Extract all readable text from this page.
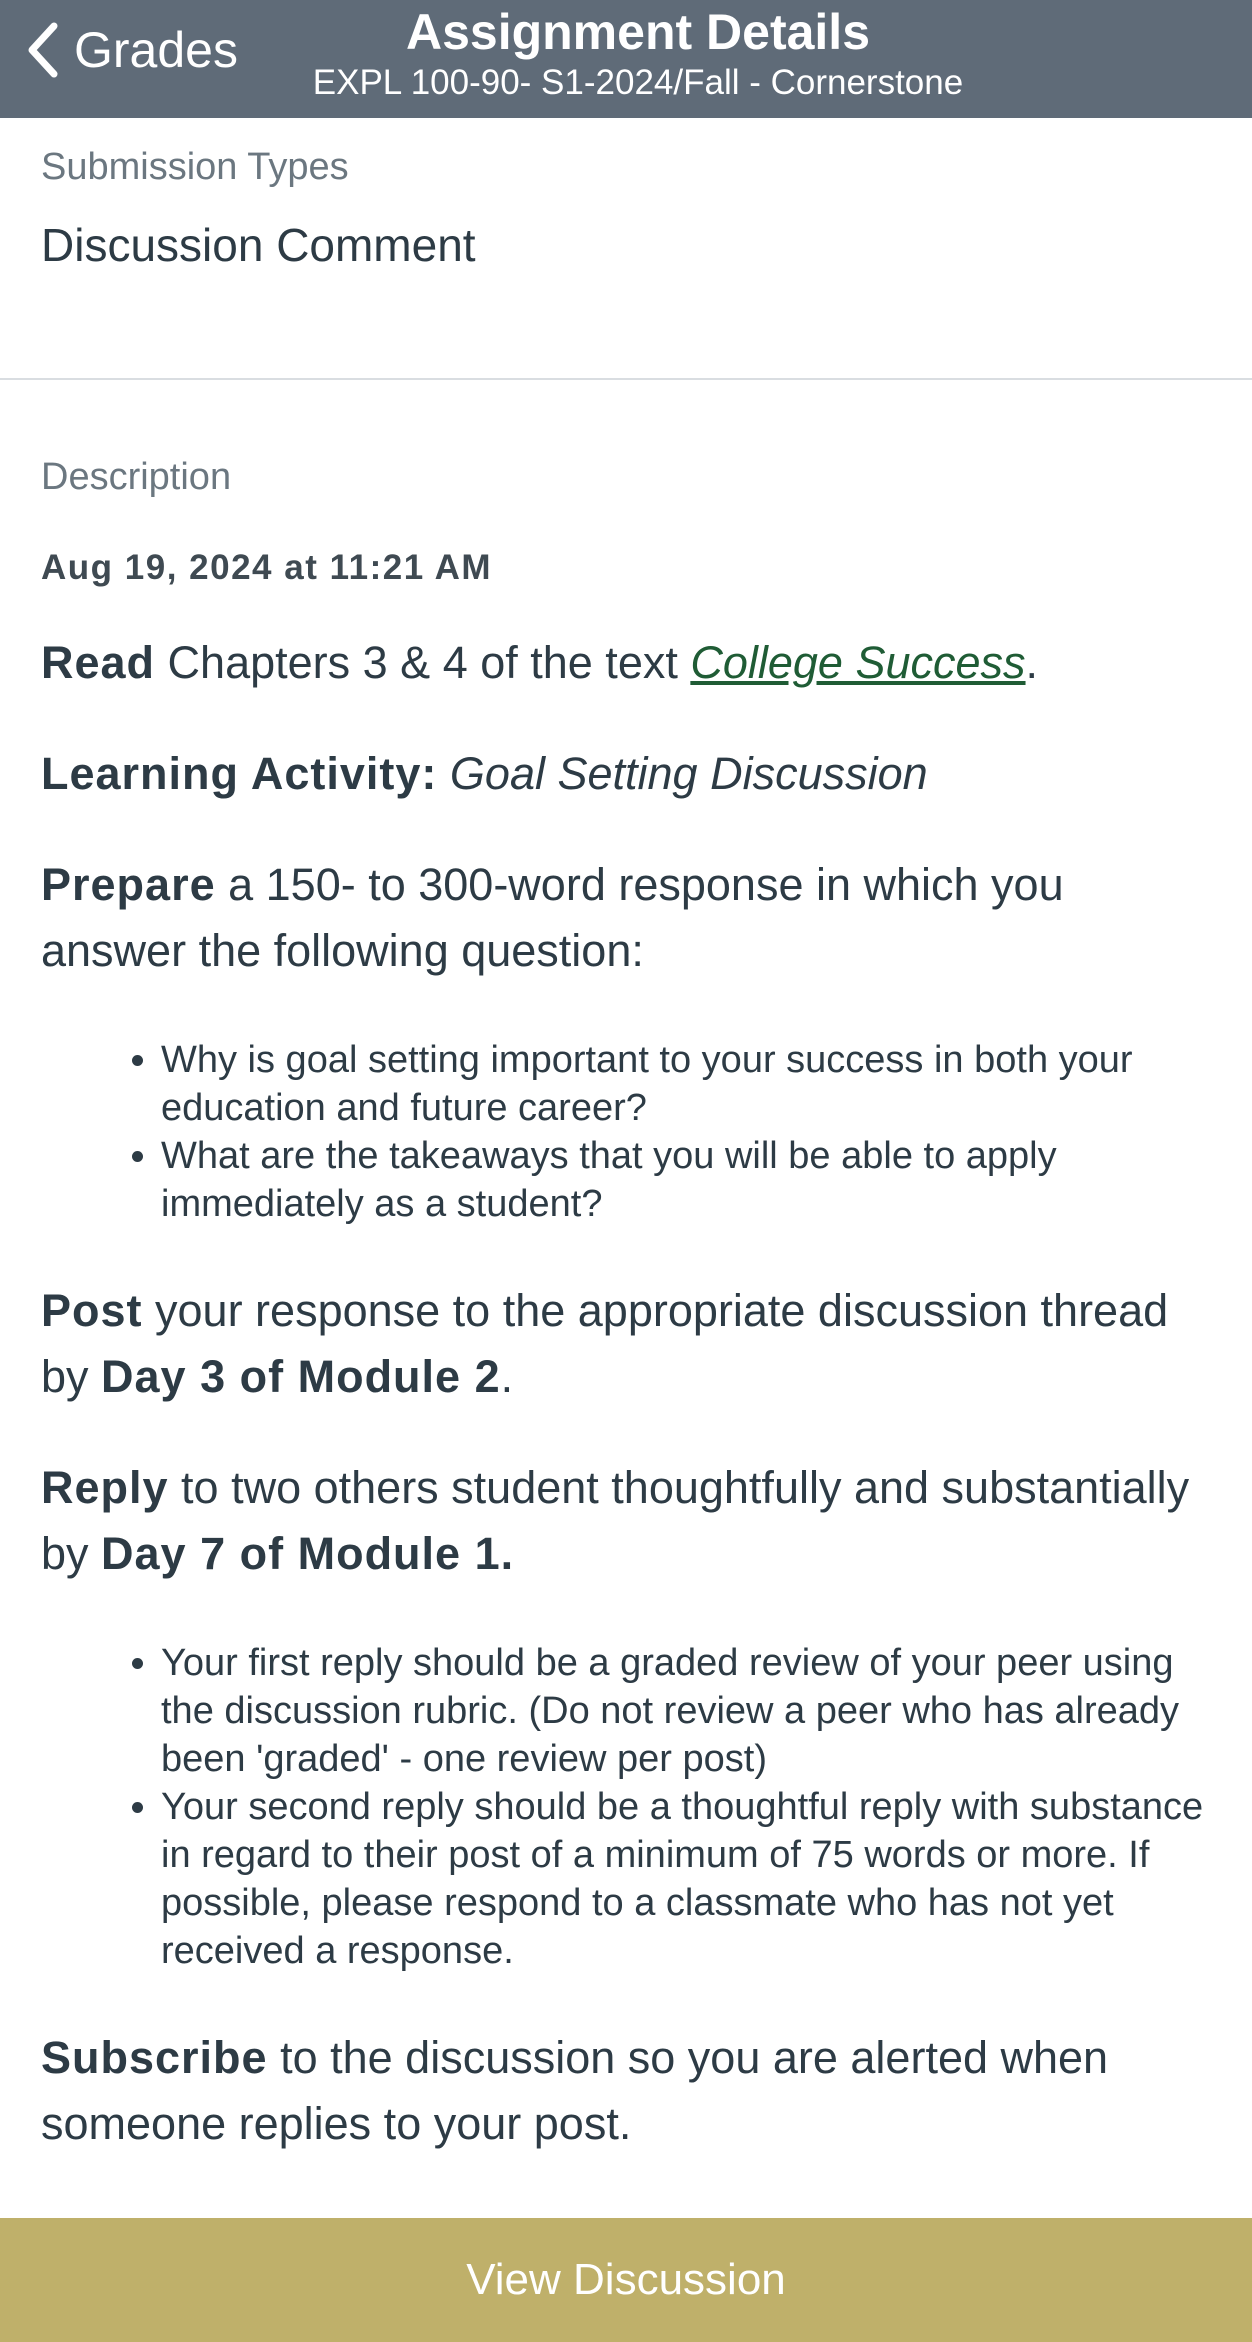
Grades	Assignment Details
EXPL 100-90- S1-2024/Fall - Cornerstone
Submission Types
Discussion Comment
Description
Aug 19, 2024 at 11:21 AM

Read Chapters 3 & 4 of the text College Success.

Learning Activity: Goal Setting Discussion

Prepare a 150- to 300-word response in which you answer the following question:

• Why is goal setting important to your success in both your education and future career?
• What are the takeaways that you will be able to apply immediately as a student?

Post your response to the appropriate discussion thread by Day 3 of Module 2.

Reply to two others student thoughtfully and substantially by Day 7 of Module 1.

• Your first reply should be a graded review of your peer using the discussion rubric. (Do not review a peer who has already been 'graded' - one review per post)
• Your second reply should be a thoughtful reply with substance in regard to their post of a minimum of 75 words or more. If possible, please respond to a classmate who has not yet received a response.

Subscribe to the discussion so you are alerted when someone replies to your post.

View Discussion
